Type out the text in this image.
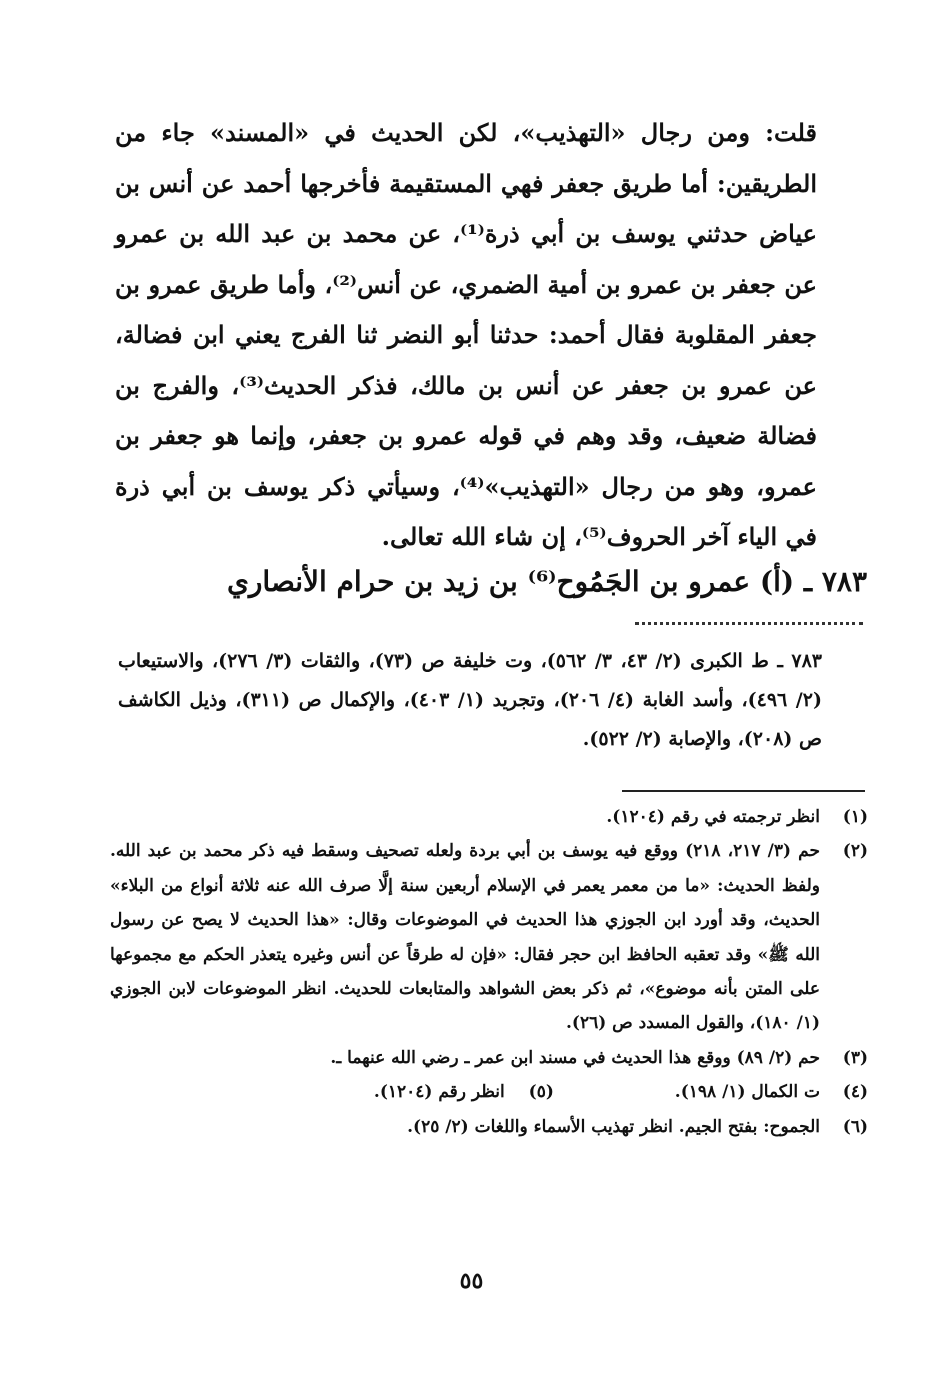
قلت: ومن رجال «التهذيب»، لكن الحديث في «المسند» جاء من الطريقين: أما طريق جعفر فهي المستقيمة فأخرجها أحمد عن أنس بن عياض حدثني يوسف بن أبي ذرة⁽¹⁾، عن محمد بن عبد الله بن عمرو عن جعفر بن عمرو بن أمية الضمري، عن أنس⁽²⁾، وأما طريق عمرو بن جعفر المقلوبة فقال أحمد: حدثنا أبو النضر ثنا الفرج يعني ابن فضالة، عن عمرو بن جعفر عن أنس بن مالك، فذكر الحديث⁽³⁾، والفرج بن فضالة ضعيف، وقد وهم في قوله عمرو بن جعفر، وإنما هو جعفر بن عمرو، وهو من رجال «التهذيب»⁽⁴⁾، وسيأتي ذكر يوسف بن أبي ذرة في الياء آخر الحروف⁽⁵⁾، إن شاء الله تعالى.

٧٨٣ ـ (أ) عمرو بن الجَمُوح⁽⁶⁾ بن زيد بن حرام الأنصاري

٧٨٣ ـ ط الكبرى (٢/ ٤٣، ٣/ ٥٦٢)، وت خليفة ص (٧٣)، والثقات (٣/ ٢٧٦)، والاستيعاب (٢/ ٤٩٦)، وأسد الغابة (٤/ ٢٠٦)، وتجريد (١/ ٤٠٣)، والإكمال ص (٣١١)، وذيل الكاشف ص (٢٠٨)، والإصابة (٢/ ٥٢٢).

(١)
انظر ترجمته في رقم (١٢٠٤).
(٢)
حم (٣/ ٢١٧، ٢١٨) ووقع فيه يوسف بن أبي بردة ولعله تصحيف وسقط فيه ذكر محمد بن عبد الله. ولفظ الحديث: «ما من معمر يعمر في الإسلام أربعين سنة إلَّا صرف الله عنه ثلاثة أنواع من البلاء» الحديث، وقد أورد ابن الجوزي هذا الحديث في الموضوعات وقال: «هذا الحديث لا يصح عن رسول الله ﷺ» وقد تعقبه الحافظ ابن حجر فقال: «فإن له طرقاً عن أنس وغيره يتعذر الحكم مع مجموعها على المتن بأنه موضوع»، ثم ذكر بعض الشواهد والمتابعات للحديث. انظر الموضوعات لابن الجوزي (١/ ١٨٠)، والقول المسدد ص (٢٦).
(٣)
حم (٢/ ٨٩) ووقع هذا الحديث في مسند ابن عمر ـ رضي الله عنهما ـ.
(٤)
ت الكمال (١/ ١٩٨). (٥) انظر رقم (١٢٠٤).
(٦)
الجموح: بفتح الجيم. انظر تهذيب الأسماء واللغات (٢/ ٢٥).
٥٥
